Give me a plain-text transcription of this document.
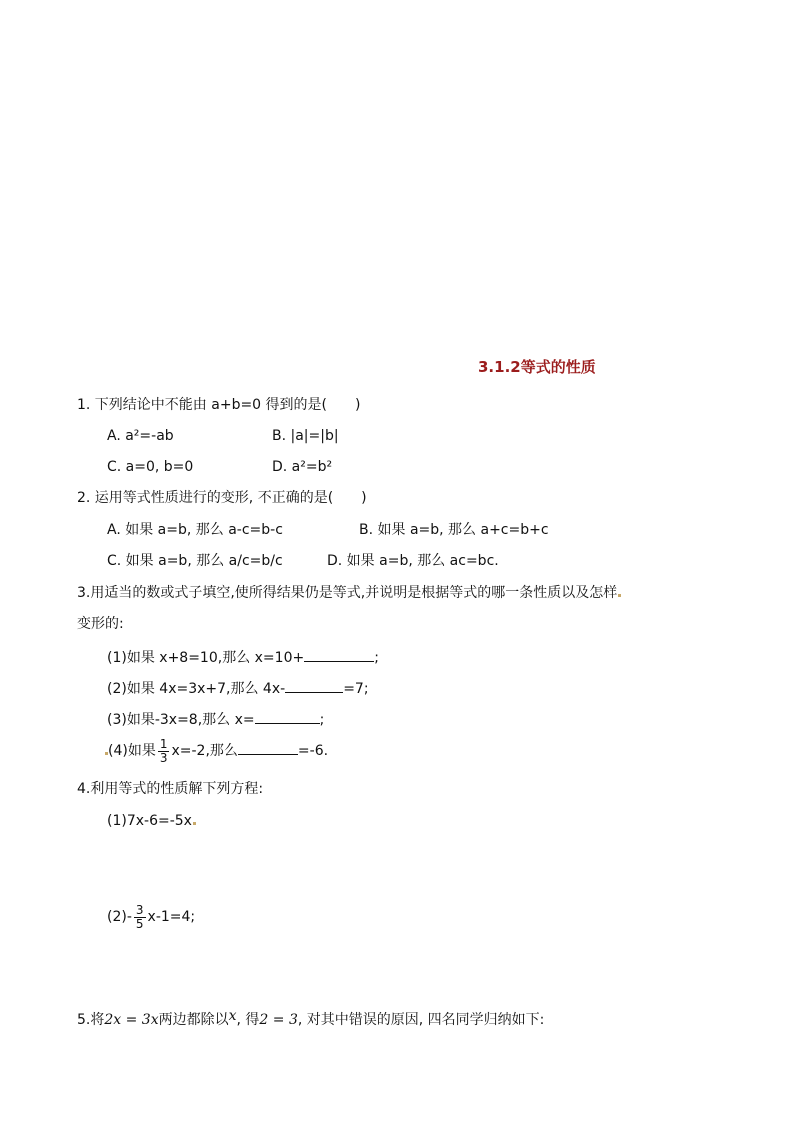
3.1.2等式的性质
1. 下列结论中不能由 a+b=0 得到的是(　　)
A. a²=-ab	B. |a|=|b|
C. a=0, b=0	D. a²=b²
2. 运用等式性质进行的变形, 不正确的是(　　)
A. 如果 a=b, 那么 a-c=b-c	B. 如果 a=b, 那么 a+c=b+c
C. 如果 a=b, 那么 a/c=b/c	D. 如果 a=b, 那么 ac=bc.
3.用适当的数或式子填空,使所得结果仍是等式,并说明是根据等式的哪一条性质以及怎样
变形的:
(1)如果 x+8=10,那么 x=10+	;
(2)如果 4x=3x+7,那么 4x-	=7;
(3)如果-3x=8,那么 x=	;
(4)如果 $\frac{1}{3} x=-2$,那么	=-6.
4.利用等式的性质解下列方程:
(1)7x-6=-5x
$(2)- \frac{3}{5} x-1=4$;
5.将2x = 3x两边都除以x, 得2 = 3, 对其中错误的原因, 四名同学归纳如下:
